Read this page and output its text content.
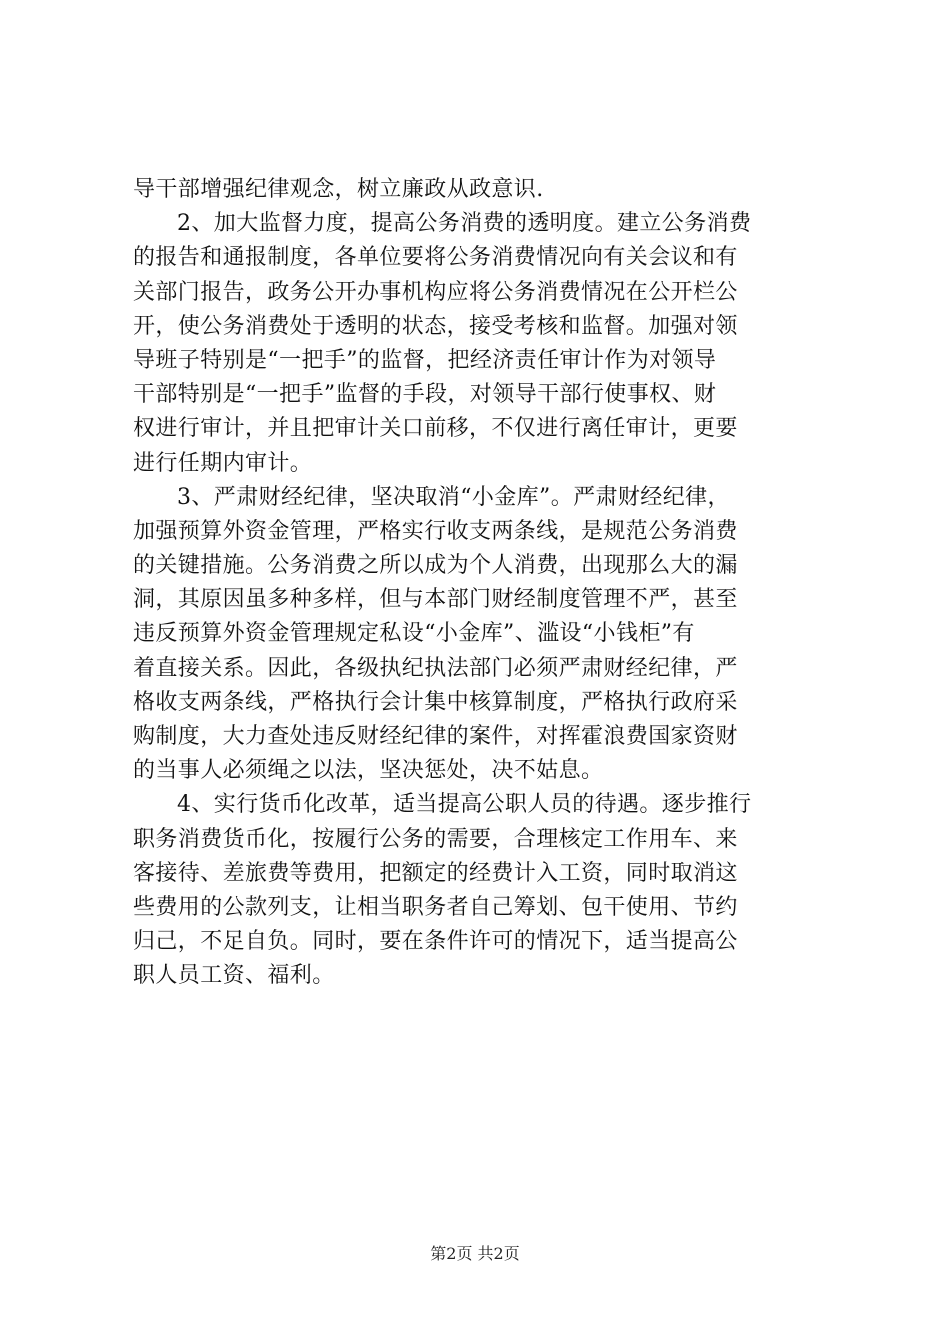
导干部增强纪律观念，树立廉政从政意识.
2、加大监督力度，提高公务消费的透明度。建立公务消费
的报告和通报制度，各单位要将公务消费情况向有关会议和有
关部门报告，政务公开办事机构应将公务消费情况在公开栏公
开，使公务消费处于透明的状态，接受考核和监督。加强对领
导班子特别是“一把手”的监督，把经济责任审计作为对领导
干部特别是“一把手”监督的手段，对领导干部行使事权、财
权进行审计，并且把审计关口前移，不仅进行离任审计，更要
进行任期内审计。
3、严肃财经纪律，坚决取消“小金库”。严肃财经纪律，
加强预算外资金管理，严格实行收支两条线，是规范公务消费
的关键措施。公务消费之所以成为个人消费，出现那么大的漏
洞，其原因虽多种多样，但与本部门财经制度管理不严，甚至
违反预算外资金管理规定私设“小金库”、滥设“小钱柜”有
着直接关系。因此，各级执纪执法部门必须严肃财经纪律，严
格收支两条线，严格执行会计集中核算制度，严格执行政府采
购制度，大力查处违反财经纪律的案件，对挥霍浪费国家资财
的当事人必须绳之以法，坚决惩处，决不姑息。
4、实行货币化改革，适当提高公职人员的待遇。逐步推行
职务消费货币化，按履行公务的需要，合理核定工作用车、来
客接待、差旅费等费用，把额定的经费计入工资，同时取消这
些费用的公款列支，让相当职务者自己筹划、包干使用、节约
归己，不足自负。同时，要在条件许可的情况下，适当提高公
职人员工资、福利。
第2页 共2页
